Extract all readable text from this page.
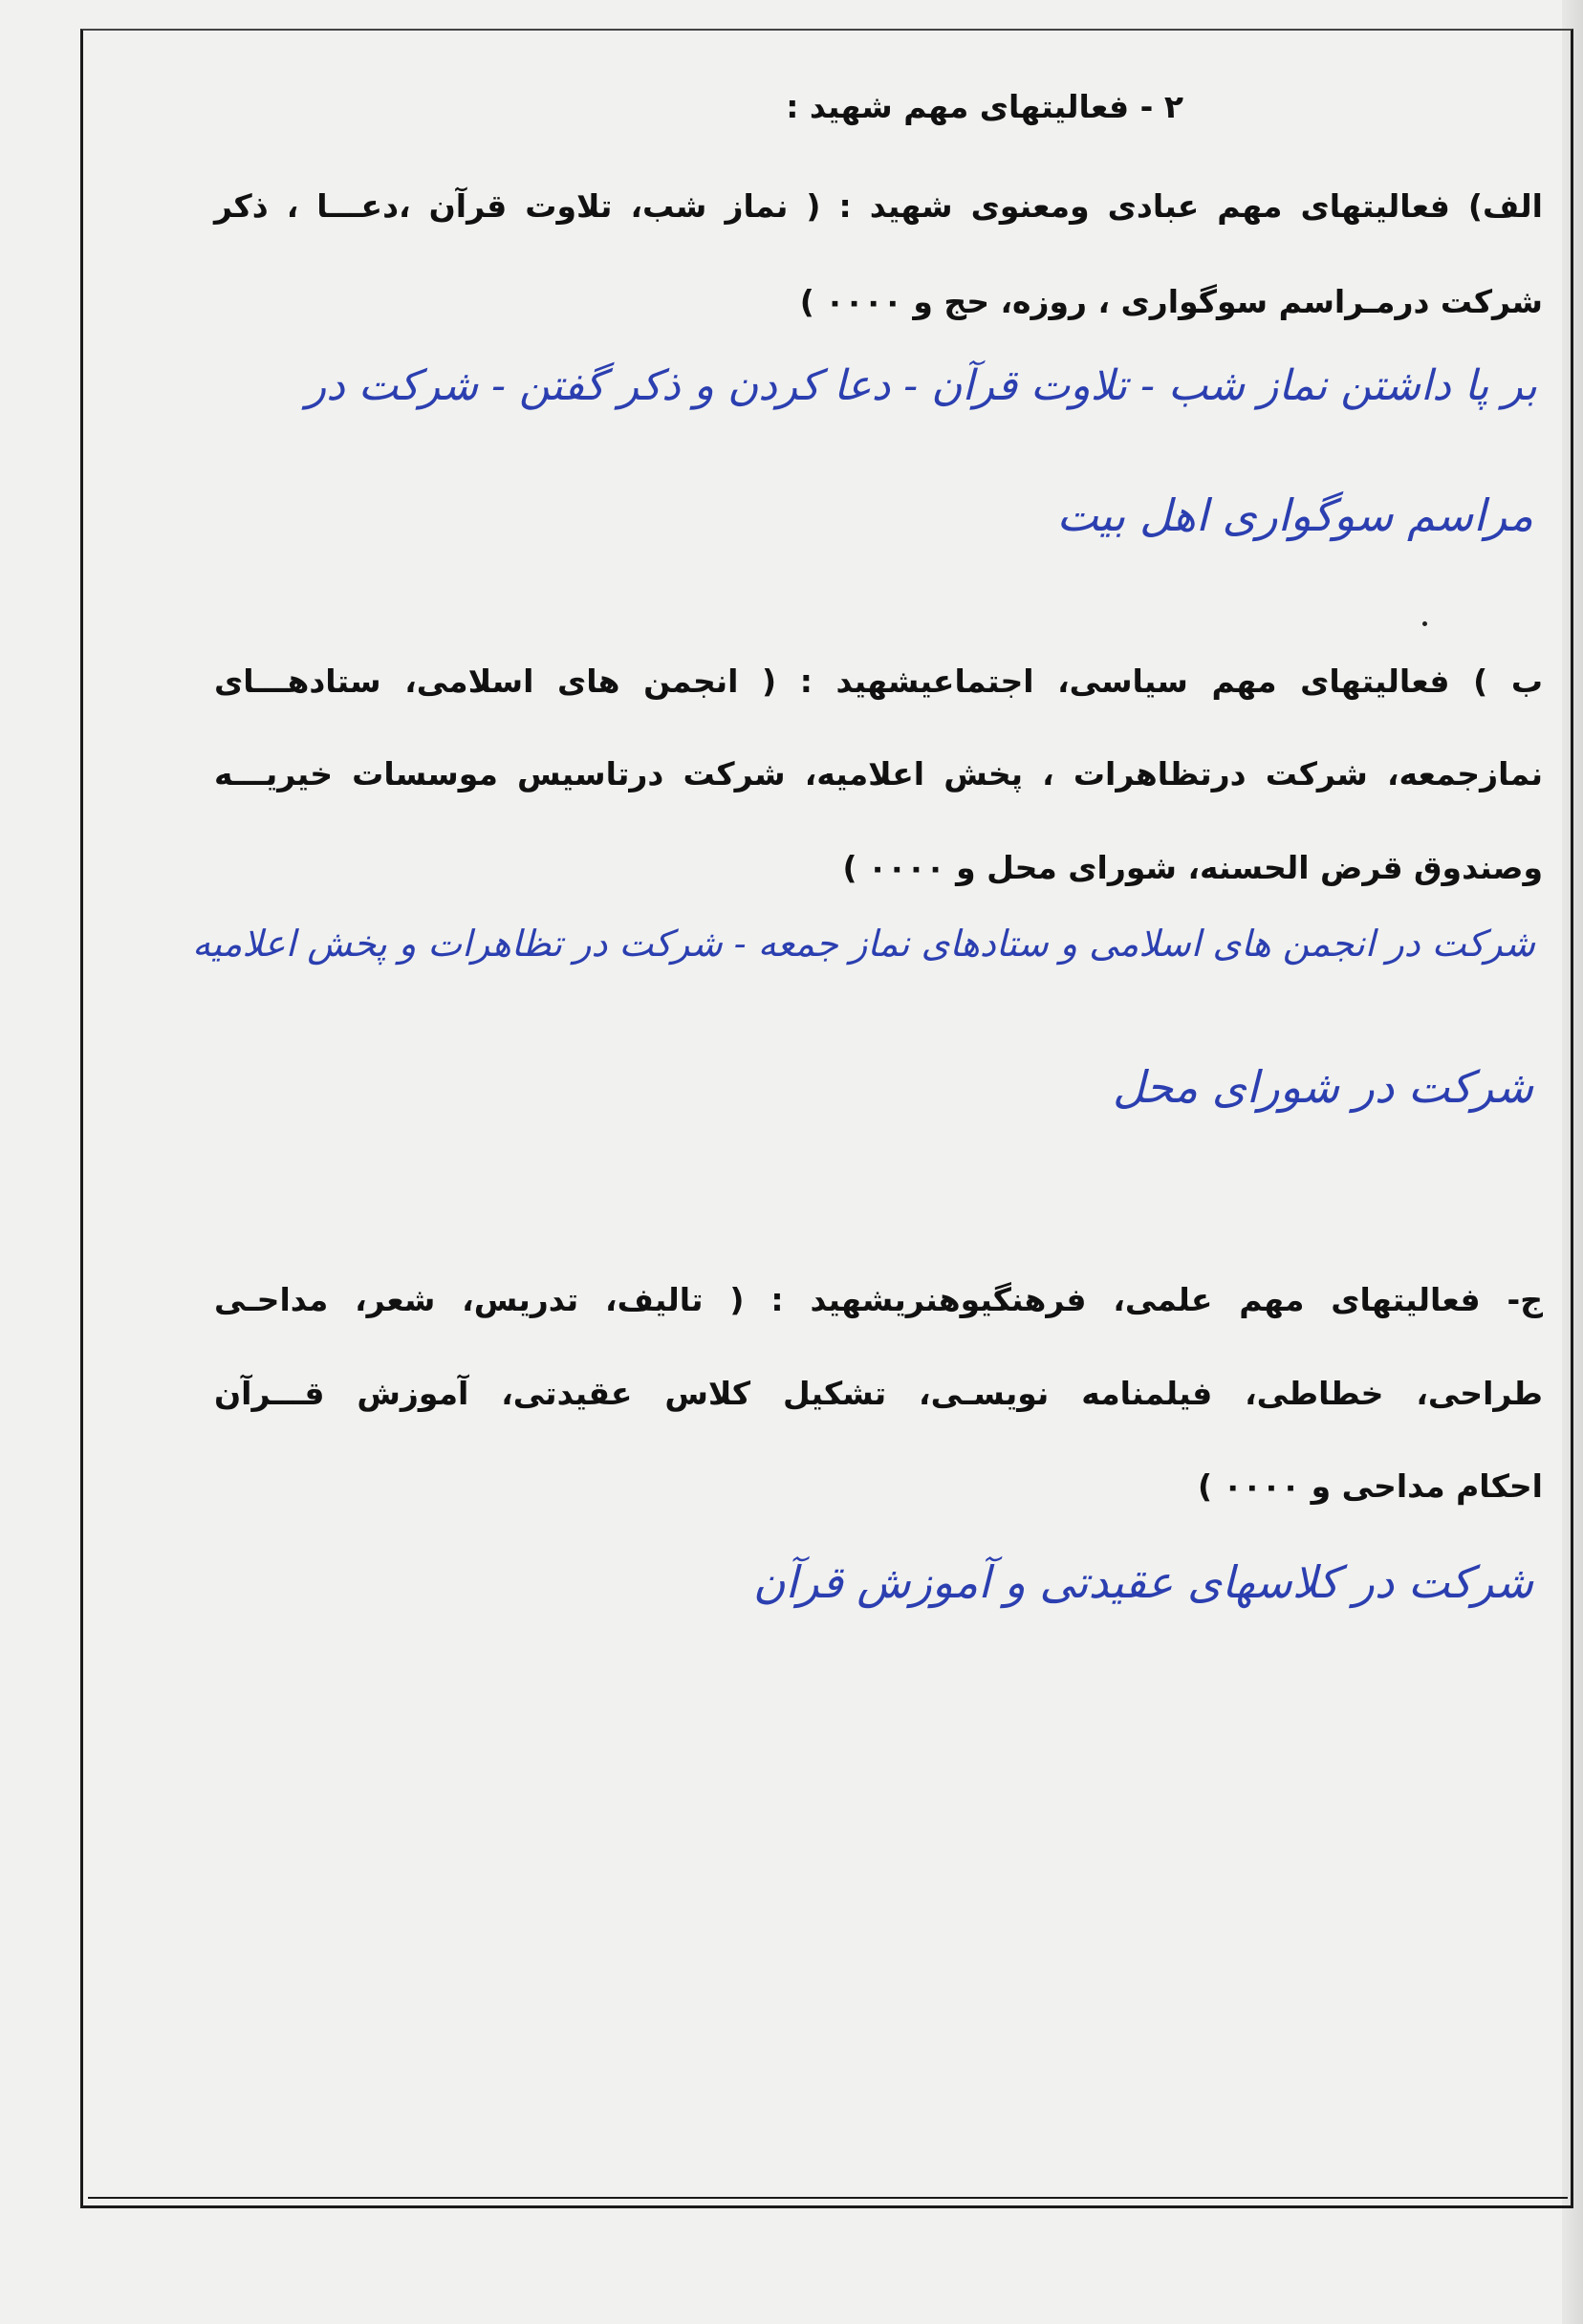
۲ - فعالیتهای مهم شهید :
الف) فعالیتهای مهم عبادی ومعنوی شهید : ( نماز شب، تلاوت قرآن ،دعـــا ، ذکر
شرکت درمـراسم سوگواری ، روزه، حج و ۰۰۰۰ )
بر پا داشتن نماز شب - تلاوت قرآن - دعا کردن و ذکر گفتن - شرکت در
مراسم سوگواری اهل بیت
ب ) فعالیتهای مهم سیاسی، اجتماعیشهید : ( انجمن های اسلامی، ستادهـــای
نمازجمعه، شرکت درتظاهرات ، پخش اعلامیه، شرکت درتاسیس موسسات خیریـــه
وصندوق قرض الحسنه، شورای محل و ۰۰۰۰ )
شرکت در انجمن های اسلامی و ستادهای نماز جمعه - شرکت در تظاهرات و پخش اعلامیه
شرکت در شورای محل
ج- فعالیتهای مهم علمی، فرهنگیوهنریشهید : ( تالیف، تدریس، شعر، مداحـی
طراحی، خطاطی، فیلمنامه نویسـی، تشکیل کلاس عقیدتی، آموزش قـــرآن
احکام مداحی و ۰۰۰۰ )
شرکت در کلاسهای عقیدتی و آموزش قرآن
